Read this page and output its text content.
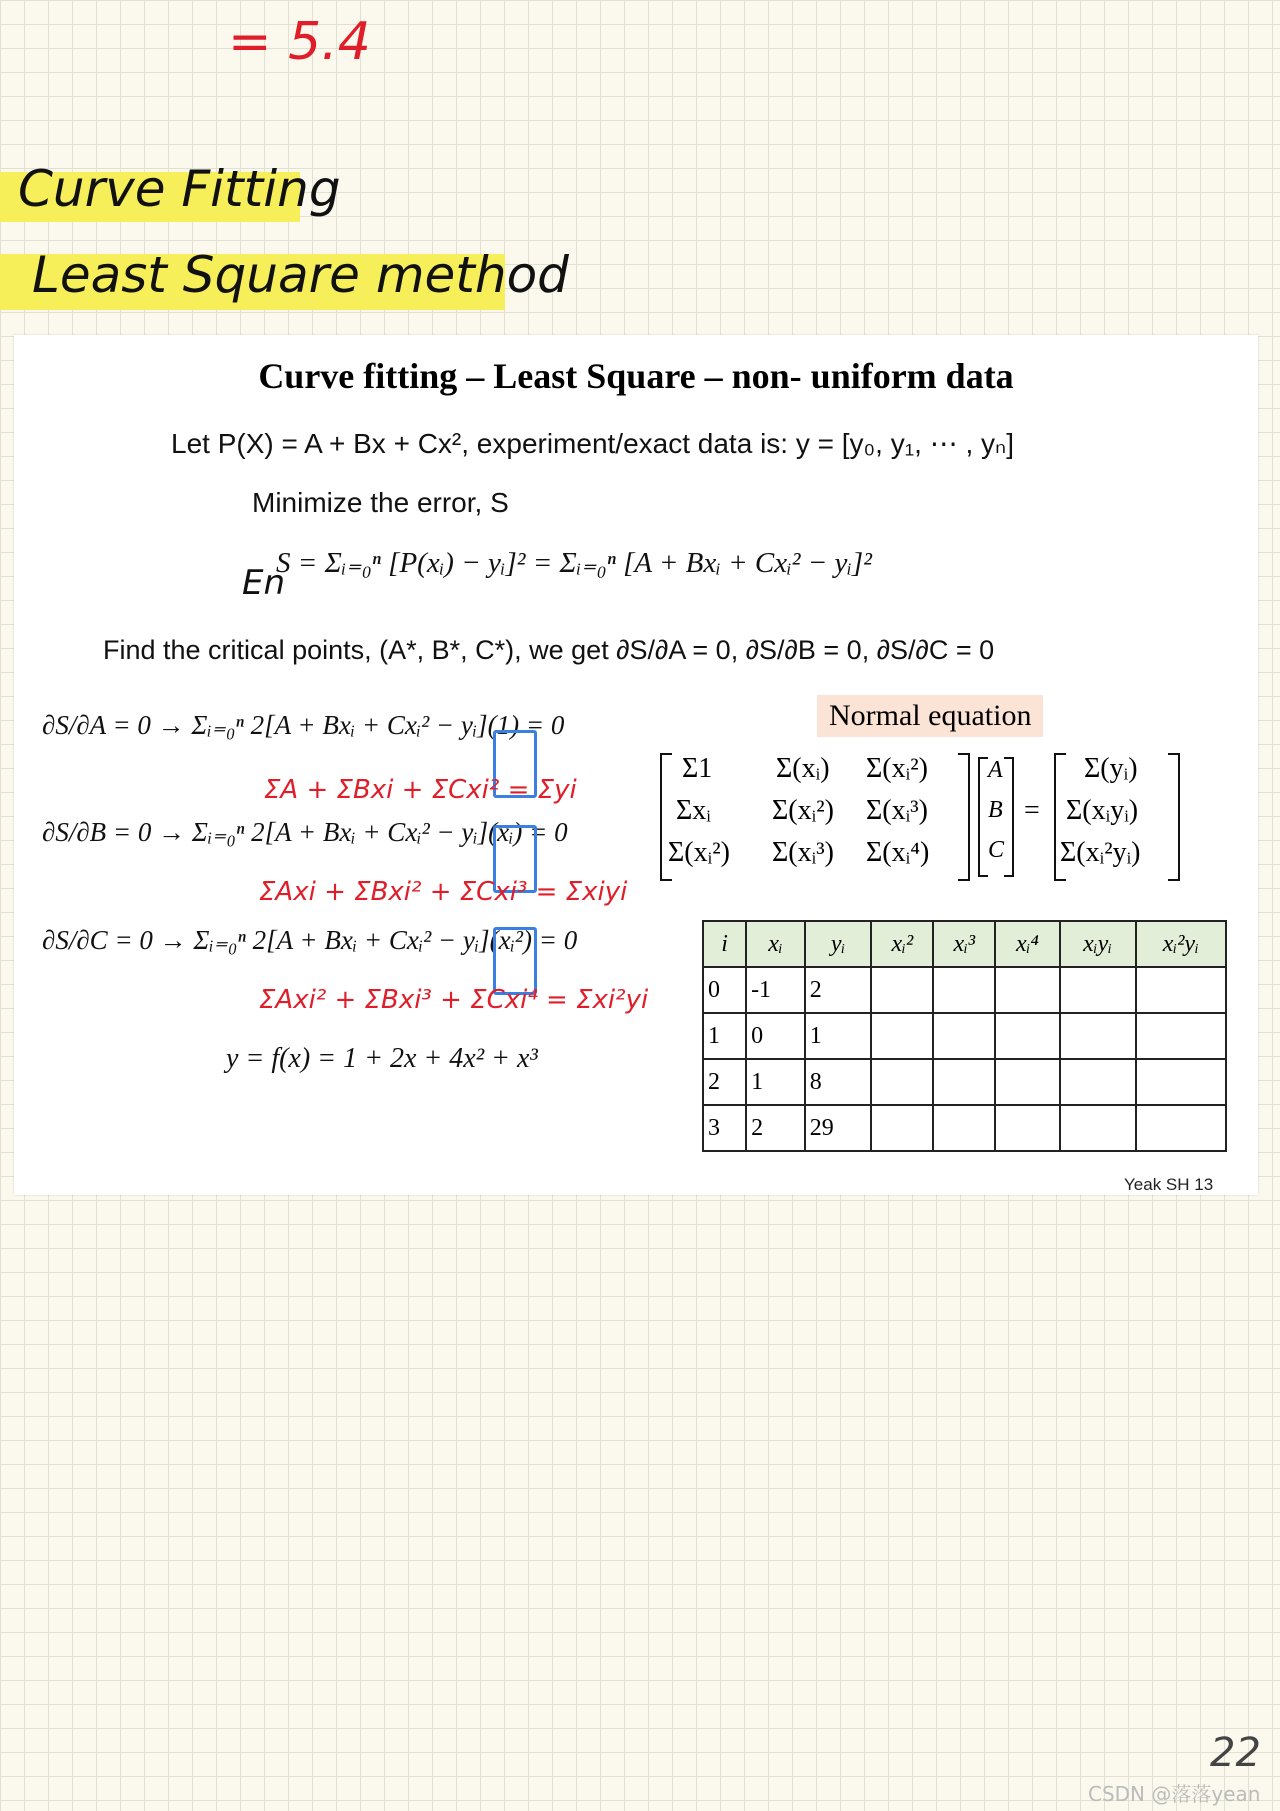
= 5.4
Curve Fitting
Least Square method
Curve fitting – Least Square – non- uniform data
Let P(X) = A + Bx + Cx², experiment/exact data is: y = [y₀, y₁, ⋯ , yₙ]
Minimize the error, S
S = Σᵢ₌₀ⁿ [P(xᵢ) − yᵢ]² = Σᵢ₌₀ⁿ [A + Bxᵢ + Cxᵢ² − yᵢ]²
En
Find the critical points, (A*, B*, C*), we get ∂S/∂A = 0, ∂S/∂B = 0, ∂S/∂C = 0
∂S/∂A = 0 → Σᵢ₌₀ⁿ 2[A + Bxᵢ + Cxᵢ² − yᵢ](1) = 0
ΣA + ΣBxi + ΣCxi² = Σyi
∂S/∂B = 0 → Σᵢ₌₀ⁿ 2[A + Bxᵢ + Cxᵢ² − yᵢ](xᵢ) = 0
ΣAxi + ΣBxi² + ΣCxi³ = Σxiyi
∂S/∂C = 0 → Σᵢ₌₀ⁿ 2[A + Bxᵢ + Cxᵢ² − yᵢ](xᵢ²) = 0
ΣAxi² + ΣBxi³ + ΣCxi⁴ = Σxi²yi
y = f(x) = 1 + 2x + 4x² + x³
Normal equation
Σ1 Σ(xᵢ) Σ(xᵢ²)
Σxᵢ Σ(xᵢ²) Σ(xᵢ³)
Σ(xᵢ²) Σ(xᵢ³) Σ(xᵢ⁴)
A
B
C
=
Σ(yᵢ)
Σ(xᵢyᵢ)
Σ(xᵢ²yᵢ)
i	xᵢ	yᵢ	xᵢ²	xᵢ³	xᵢ⁴	xᵢyᵢ	xᵢ²yᵢ
0	-1	2					
1	0	1					
2	1	8					
3	2	29					
Yeak SH 13
22
CSDN @落落yean
